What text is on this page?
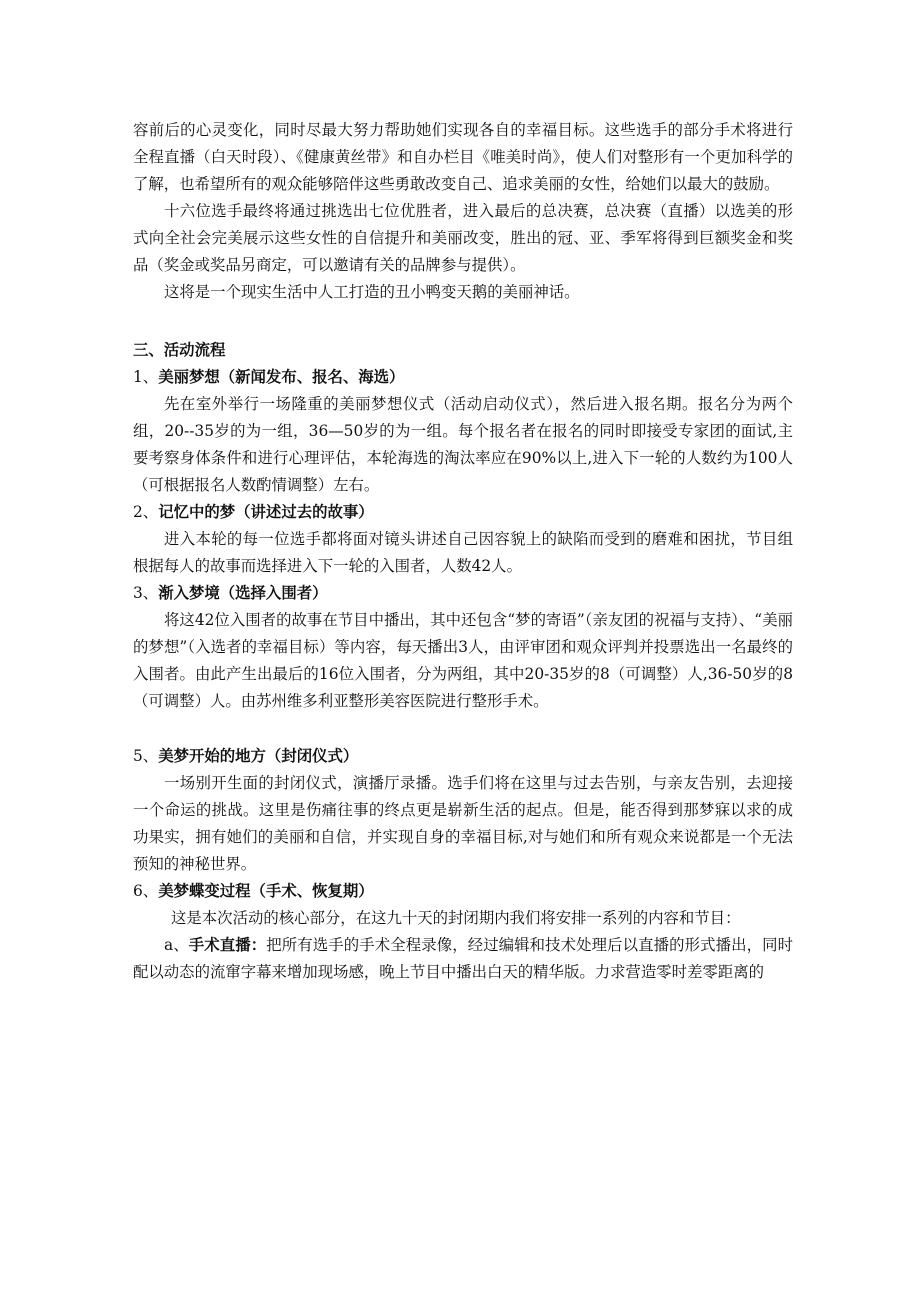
容前后的心灵变化，同时尽最大努力帮助她们实现各自的幸福目标。这些选手的部分手术将进行全程直播（白天时段）、《健康黄丝带》和自办栏目《唯美时尚》，使人们对整形有一个更加科学的了解，也希望所有的观众能够陪伴这些勇敢改变自己、追求美丽的女性，给她们以最大的鼓励。

十六位选手最终将通过挑选出七位优胜者，进入最后的总决赛，总决赛（直播）以选美的形式向全社会完美展示这些女性的自信提升和美丽改变，胜出的冠、亚、季军将得到巨额奖金和奖品（奖金或奖品另商定，可以邀请有关的品牌参与提供）。

这将是一个现实生活中人工打造的丑小鸭变天鹅的美丽神话。

三、活动流程

1、美丽梦想（新闻发布、报名、海选）

先在室外举行一场隆重的美丽梦想仪式（活动启动仪式），然后进入报名期。报名分为两个组，20--35岁的为一组，36—50岁的为一组。每个报名者在报名的同时即接受专家团的面试,主要考察身体条件和进行心理评估，本轮海选的淘汰率应在90%以上,进入下一轮的人数约为100人（可根据报名人数酌情调整）左右。

2、记忆中的梦（讲述过去的故事）

进入本轮的每一位选手都将面对镜头讲述自己因容貌上的缺陷而受到的磨难和困扰，节目组根据每人的故事而选择进入下一轮的入围者，人数42人。

3、渐入梦境（选择入围者）

将这42位入围者的故事在节目中播出，其中还包含“梦的寄语”（亲友团的祝福与支持）、“美丽的梦想”（入选者的幸福目标）等内容，每天播出3人，由评审团和观众评判并投票选出一名最终的入围者。由此产生出最后的16位入围者，分为两组，其中20-35岁的8（可调整）人,36-50岁的8（可调整）人。由苏州维多利亚整形美容医院进行整形手术。

5、美梦开始的地方（封闭仪式）

一场别开生面的封闭仪式，演播厅录播。选手们将在这里与过去告别，与亲友告别，去迎接一个命运的挑战。这里是伤痛往事的终点更是崭新生活的起点。但是，能否得到那梦寐以求的成功果实，拥有她们的美丽和自信，并实现自身的幸福目标,对与她们和所有观众来说都是一个无法预知的神秘世界。

6、美梦蝶变过程（手术、恢复期）

这是本次活动的核心部分，在这九十天的封闭期内我们将安排一系列的内容和节目：

a、手术直播：把所有选手的手术全程录像，经过编辑和技术处理后以直播的形式播出，同时配以动态的流窜字幕来增加现场感，晚上节目中播出白天的精华版。力求营造零时差零距离的
